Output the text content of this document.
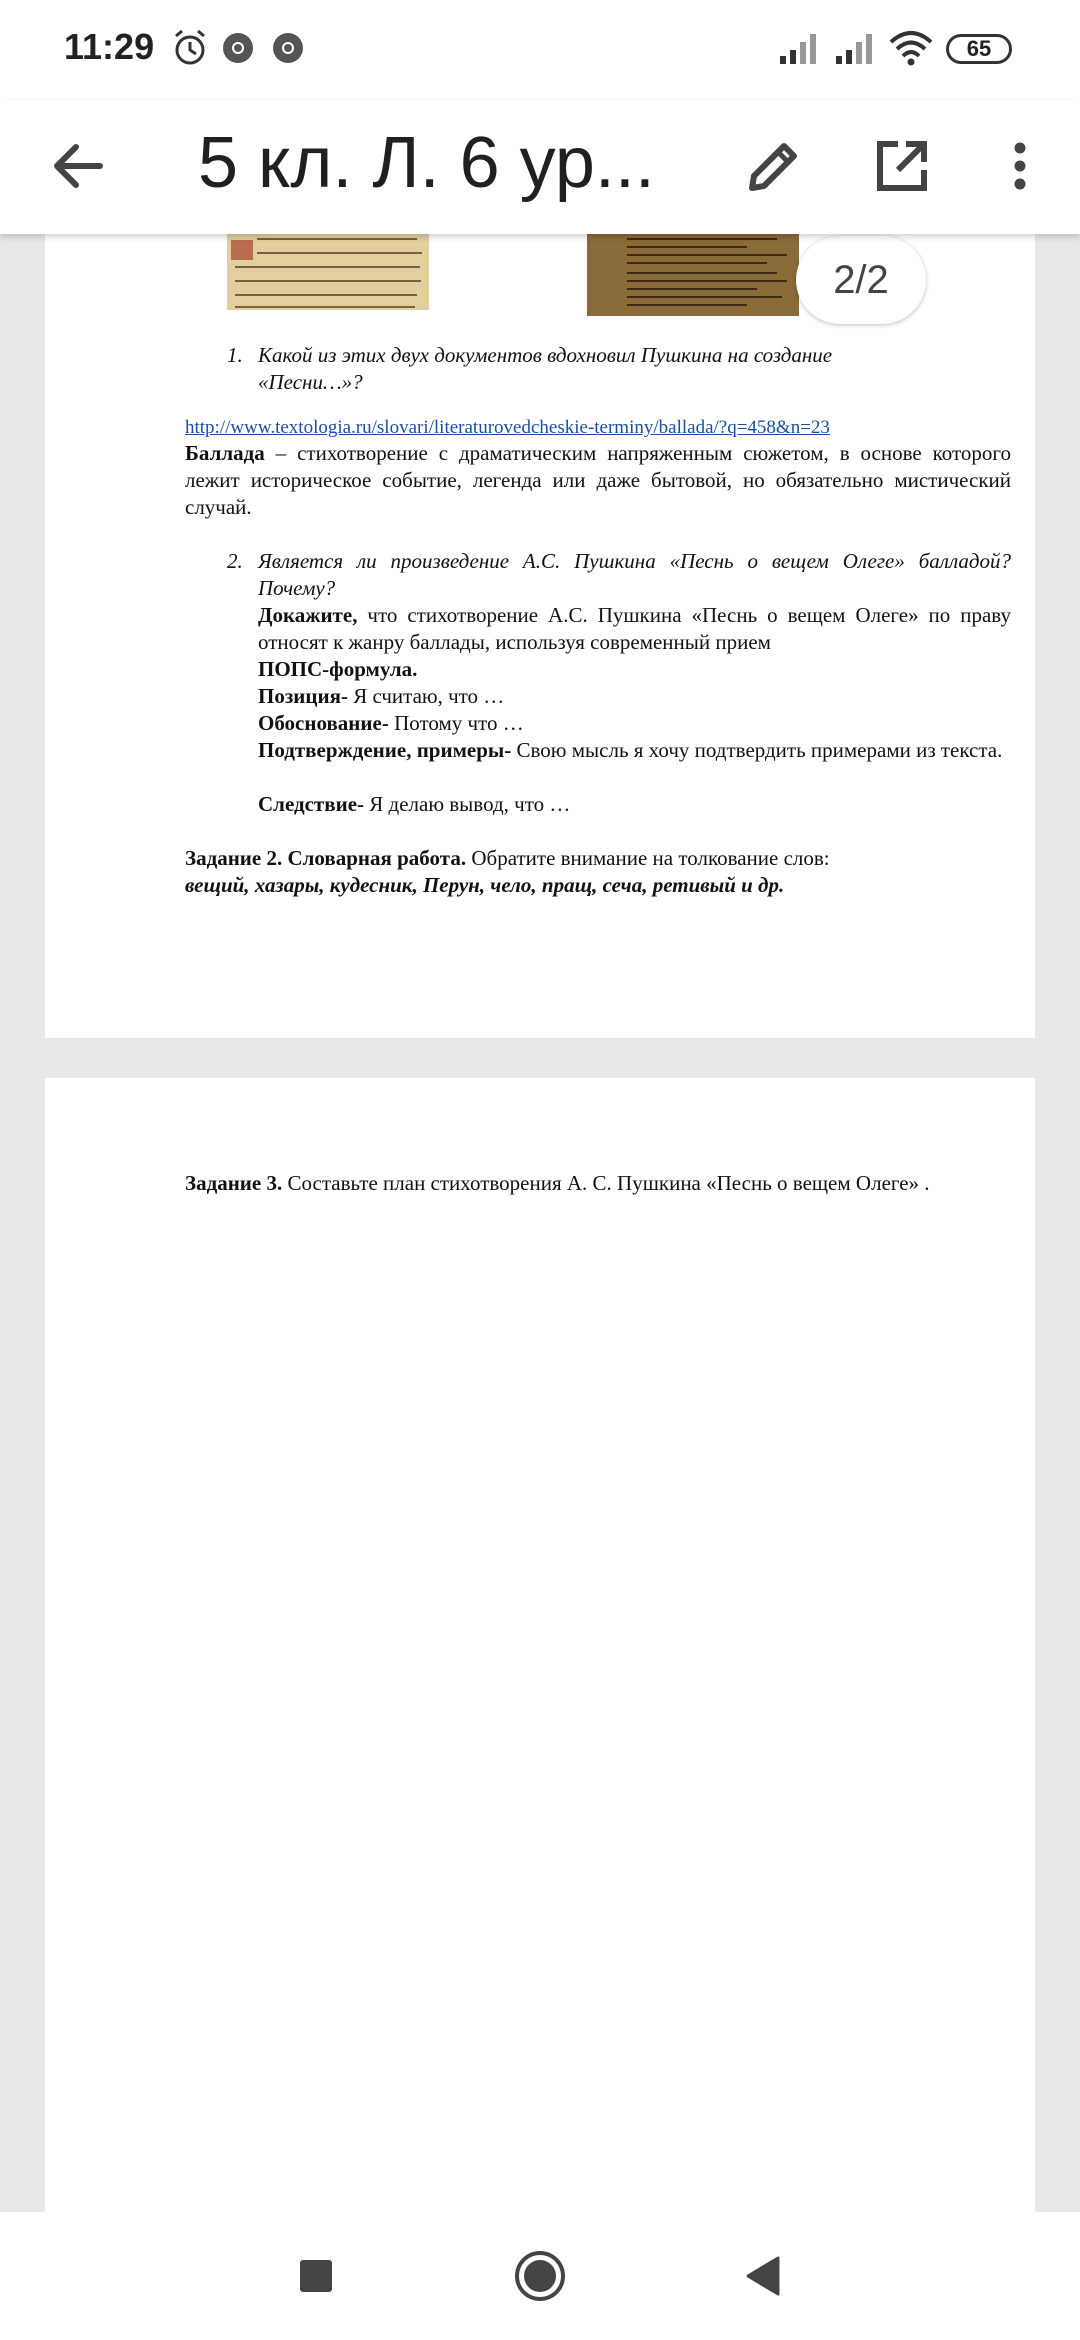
11:29	65
5 кл. Л. 6 ур...
2/2
1. Какой из этих двух документов вдохновил Пушкина на создание «Песни…»?
http://www.textologia.ru/slovari/literaturovedcheskie-terminy/ballada/?q=458&n=23
Баллада – стихотворение с драматическим напряженным сюжетом, в основе которого лежит историческое событие, легенда или даже бытовой, но обязательно мистический случай.
2. Является ли произведение А.С. Пушкина «Песнь о вещем Олеге» балладой? Почему?
Докажите, что стихотворение А.С. Пушкина «Песнь о вещем Олеге» по праву относят к жанру баллады, используя современный прием
ПОПС-формула.
Позиция- Я считаю, что …
Обоснование- Потому что …
Подтверждение, примеры- Свою мысль я хочу подтвердить примерами из текста.
Следствие- Я делаю вывод, что …
Задание 2. Словарная работа. Обратите внимание на толкование слов:
вещий, хазары, кудесник, Перун, чело, пращ, сеча, ретивый и др.
Задание 3. Составьте план стихотворения А. С. Пушкина «Песнь о вещем Олеге» .
